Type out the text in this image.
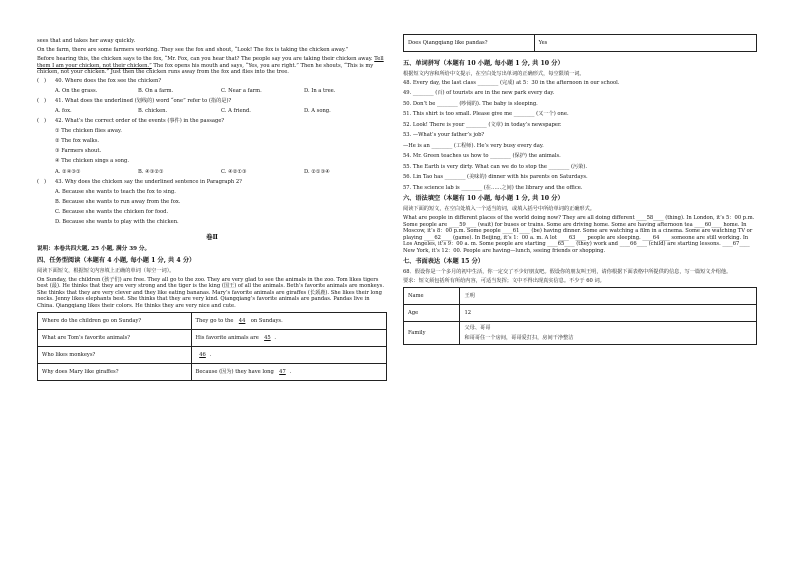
sees that and takes her away quickly.

On the farm, there are some farmers working. They see the fox and shout, “Look! The fox is taking the chicken away.”

Before hearing this, the chicken says to the fox, “Mr. Fox, can you hear that? The people say you are taking their chicken away. Tell them I am your chicken, not their chicken.” The fox opens his mouth and says, “Yes, you are right.” Then he shouts, “This is my chicken, not your chicken.” Just then the chicken runs away from the fox and flies into the tree.

( )	40. Where does the fox see the chicken?
A. On the grass.	B. On a farm.	C. Near a farm.	D. In a tree.
( )	41. What does the underlined (划线的) word “one” refer to (指的是)?
A. fox.	B. chicken.	C. A friend.	D. A song.
( )	42. What’s the correct order of the events (事件) in the passage?
① The chicken flies away.
② The fox walks.
③ Farmers shout.
④ The chicken sings a song.
A. ②④③①	B. ④③②①	C. ④②①③	D. ②①③④
( )	43. Why does the chicken say the underlined sentence in Paragraph 2?
A. Because she wants to teach the fox to sing.
B. Because she wants to run away from the fox.
C. Because she wants the chicken for food.
D. Because she wants to play with the chicken.
卷Ⅱ

说明：本卷共四大题, 25 小题, 满分 39 分。

四、任务型阅读（本题有 4 小题, 每小题 1 分, 共 4 分）

阅读下面短文，根据短文内容填上正确的单词（每空一词）。

On Sunday, the children (孩子们) are free. They all go to the zoo. They are very glad to see the animals in the zoo. Tom likes tigers best (最). He thinks that they are very strong and the tiger is the king (国王) of all the animals. Beth’s favorite animals are monkeys. She thinks that they are very clever and they like eating bananas. Mary’s favorite animals are giraffes (长颈鹿). She likes their long necks. Jenny likes elephants best. She thinks that they are very kind. Qiangqiang’s favorite animals are pandas. Pandas live in China. Qiangqiang likes their colors. He thinks they are very nice and cute.

Where do the children go on Sunday?	They go to the 44 on Sundays.
What are Tom’s favorite animals?	His favorite animals are 45 .
Who likes monkeys?	46 .
Why does Mary like giraffes?	Because (因为) they have long 47 .
Does Qiangqiang like pandas?	Yes
五、单词拼写（本题有 10 小题, 每小题 1 分, 共 10 分）

根据短文内容和所给中文提示，在空白处写出单词的正确形式，每空限填一词。

48. Every day, the last class ________ (完成) at 5：30 in the afternoon in our school.
49. ________ (百) of tourists are in the new park every day.
50. Don’t be ________ (吵闹的). The baby is sleeping.
51. This shirt is too small. Please give me ________ (又一个) one.
52. Look! There is your ________ (文章) in today’s newspaper.
53. —What’s your father’s job?
—He is an ________ (工程师). He’s very busy every day.
54. Mr. Green teaches us how to ________ (保护) the animals.
55. The Earth is very dirty. What can we do to stop the ________ (污染).
56. Lin Tao has ________ (美味的) dinner with his parents on Saturdays.
57. The science lab is ________ (在……之间) the library and the office.
六、语法填空（本题有 10 小题, 每小题 1 分, 共 10 分）

阅读下面的短文，在空白处填入一个适当的词，或填入括号中所给单词的正确形式。

What are people in different places of the world doing now? They are all doing different ____58____ (thing). In London, it’s 5：00 p.m. Some people are ____59____ (wait) for buses or trains. Some are driving home. Some are having afternoon tea ____60____ home. In Moscow, it’s 8：00 p.m. Some people ____61____ (be) having dinner. Some are watching a film in a cinema. Some are watching TV or playing ____62____ (game). In Beijing, it’s 1：00 a. m. A lot ____63____ people are sleeping. ____64____ someone are still working. In Los Angeles, it’s 9：00 a. m. Some people are starting ____65____ (they) work and ____66____ (child) are starting lessons. ____67____ New York, it’s 12：00. People are having—lunch, seeing friends or shopping.

七、书面表达（本题 15 分）

68．假设你是一个多月的初中生活，你一定交了不少好朋友吧。假设你的朋友叫王明，请你根据下面表格中所提供的信息，写一篇短文介绍他。

要求：短文须包括所有所给内容，可适当发挥；文中不得出现真实信息。不少于 60 词。

Name	王明
Age	12
Family	父母、哥哥
和哥哥住一个房间，哥哥爱打扫，房间干净整洁
